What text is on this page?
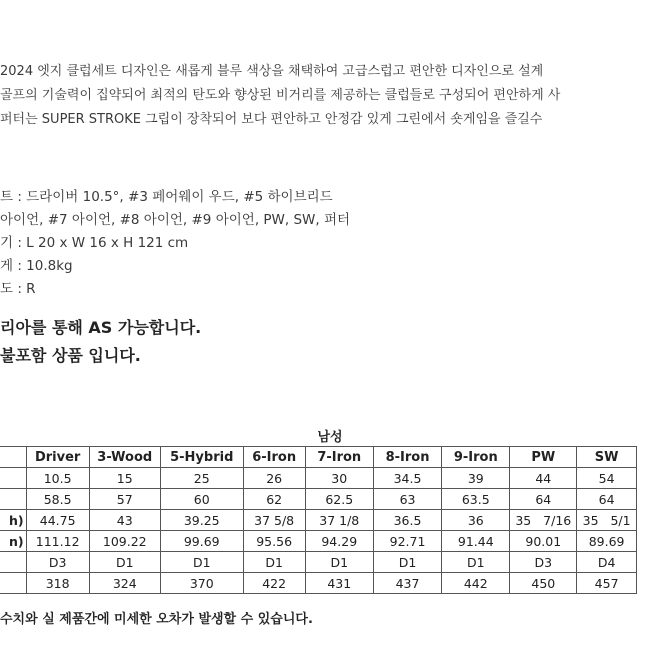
2024 엣지 클럽세트 디자인은 새롭게 블루 색상을 채택하여 고급스럽고 편안한 디자인으로 설계
골프의 기술력이 집약되어 최적의 탄도와 향상된 비거리를 제공하는 클럽들로 구성되어 편안하게 사
퍼터는 SUPER STROKE 그립이 장착되어 보다 편안하고 안정감 있게 그린에서 숏게임을 즐길수
트 : 드라이버 10.5°, #3 페어웨이 우드, #5 하이브리드
아이언, #7 아이언, #8 아이언, #9 아이언, PW, SW, 퍼터
기 : L 20 x W 16 x H 121 cm
게 : 10.8kg
도 : R
리아를 통해 AS 가능합니다.
불포함 상품 입니다.
남성
	Driver	3-Wood	5-Hybrid	6-Iron	7-Iron	8-Iron	9-Iron	PW	SW
	10.5	15	25	26	30	34.5	39	44	54
	58.5	57	60	62	62.5	63	63.5	64	64
h)	44.75	43	39.25	37 5/8	37 1/8	36.5	36	35   7/16	35   5/1
n)	111.12	109.22	99.69	95.56	94.29	92.71	91.44	90.01	89.69
	D3	D1	D1	D1	D1	D1	D1	D3	D4
	318	324	370	422	431	437	442	450	457
수치와 실 제품간에 미세한 오차가 발생할 수 있습니다.
